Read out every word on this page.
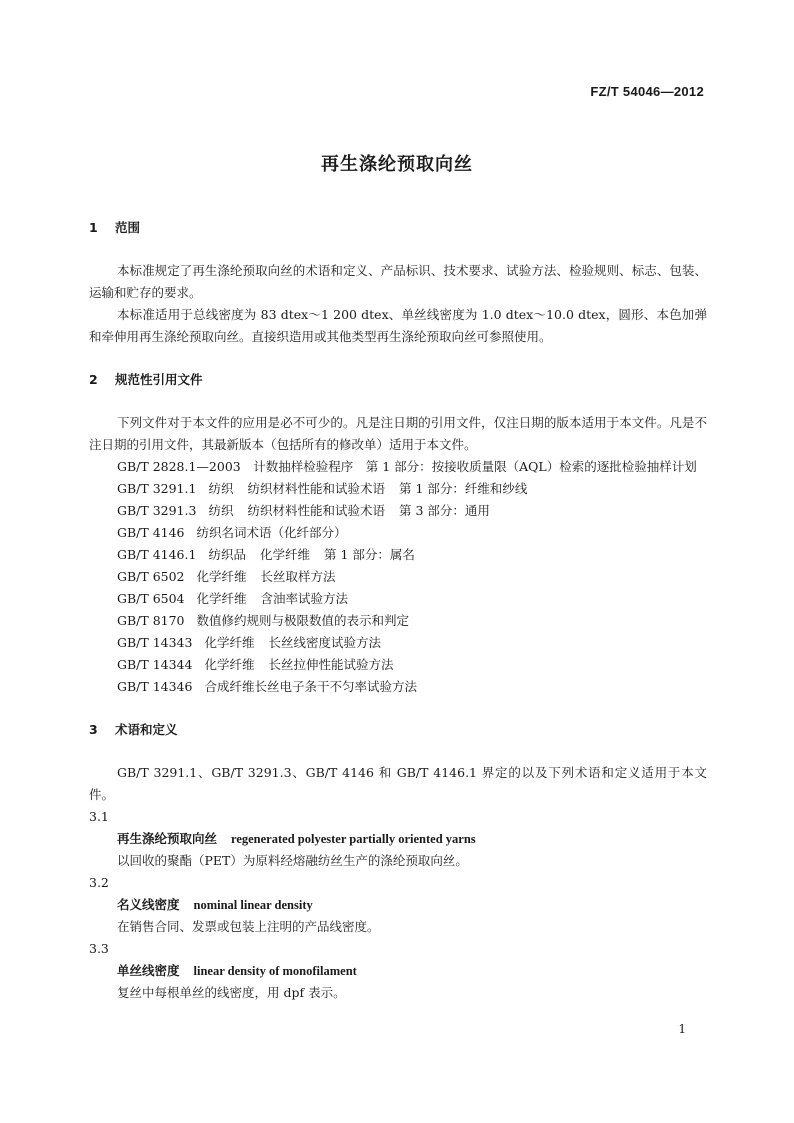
FZ/T 54046—2012
再生涤纶预取向丝
1 范围

本标准规定了再生涤纶预取向丝的术语和定义、产品标识、技术要求、试验方法、检验规则、标志、包装、运输和贮存的要求。

本标准适用于总线密度为 83 dtex～1 200 dtex、单丝线密度为 1.0 dtex～10.0 dtex，圆形、本色加弹和牵伸用再生涤纶预取向丝。直接织造用或其他类型再生涤纶预取向丝可参照使用。

2 规范性引用文件

下列文件对于本文件的应用是必不可少的。凡是注日期的引用文件，仅注日期的版本适用于本文件。凡是不注日期的引用文件，其最新版本（包括所有的修改单）适用于本文件。

GB/T 2828.1—2003　计数抽样检验程序　第 1 部分：按接收质量限（AQL）检索的逐批检验抽样计划

GB/T 3291.1 纺织 纺织材料性能和试验术语 第 1 部分：纤维和纱线
GB/T 3291.3 纺织 纺织材料性能和试验术语 第 3 部分：通用
GB/T 4146 纺织名词术语（化纤部分）
GB/T 4146.1 纺织品 化学纤维 第 1 部分：属名
GB/T 6502 化学纤维 长丝取样方法
GB/T 6504 化学纤维 含油率试验方法
GB/T 8170 数值修约规则与极限数值的表示和判定
GB/T 14343 化学纤维 长丝线密度试验方法
GB/T 14344 化学纤维 长丝拉伸性能试验方法
GB/T 14346 合成纤维长丝电子条干不匀率试验方法
3 术语和定义

GB/T 3291.1、GB/T 3291.3、GB/T 4146 和 GB/T 4146.1 界定的以及下列术语和定义适用于本文件。

3.1
再生涤纶预取向丝 regenerated polyester partially oriented yarns
以回收的聚酯（PET）为原料经熔融纺丝生产的涤纶预取向丝。
3.2
名义线密度 nominal linear density
在销售合同、发票或包装上注明的产品线密度。
3.3
单丝线密度 linear density of monofilament
复丝中每根单丝的线密度，用 dpf 表示。
1
